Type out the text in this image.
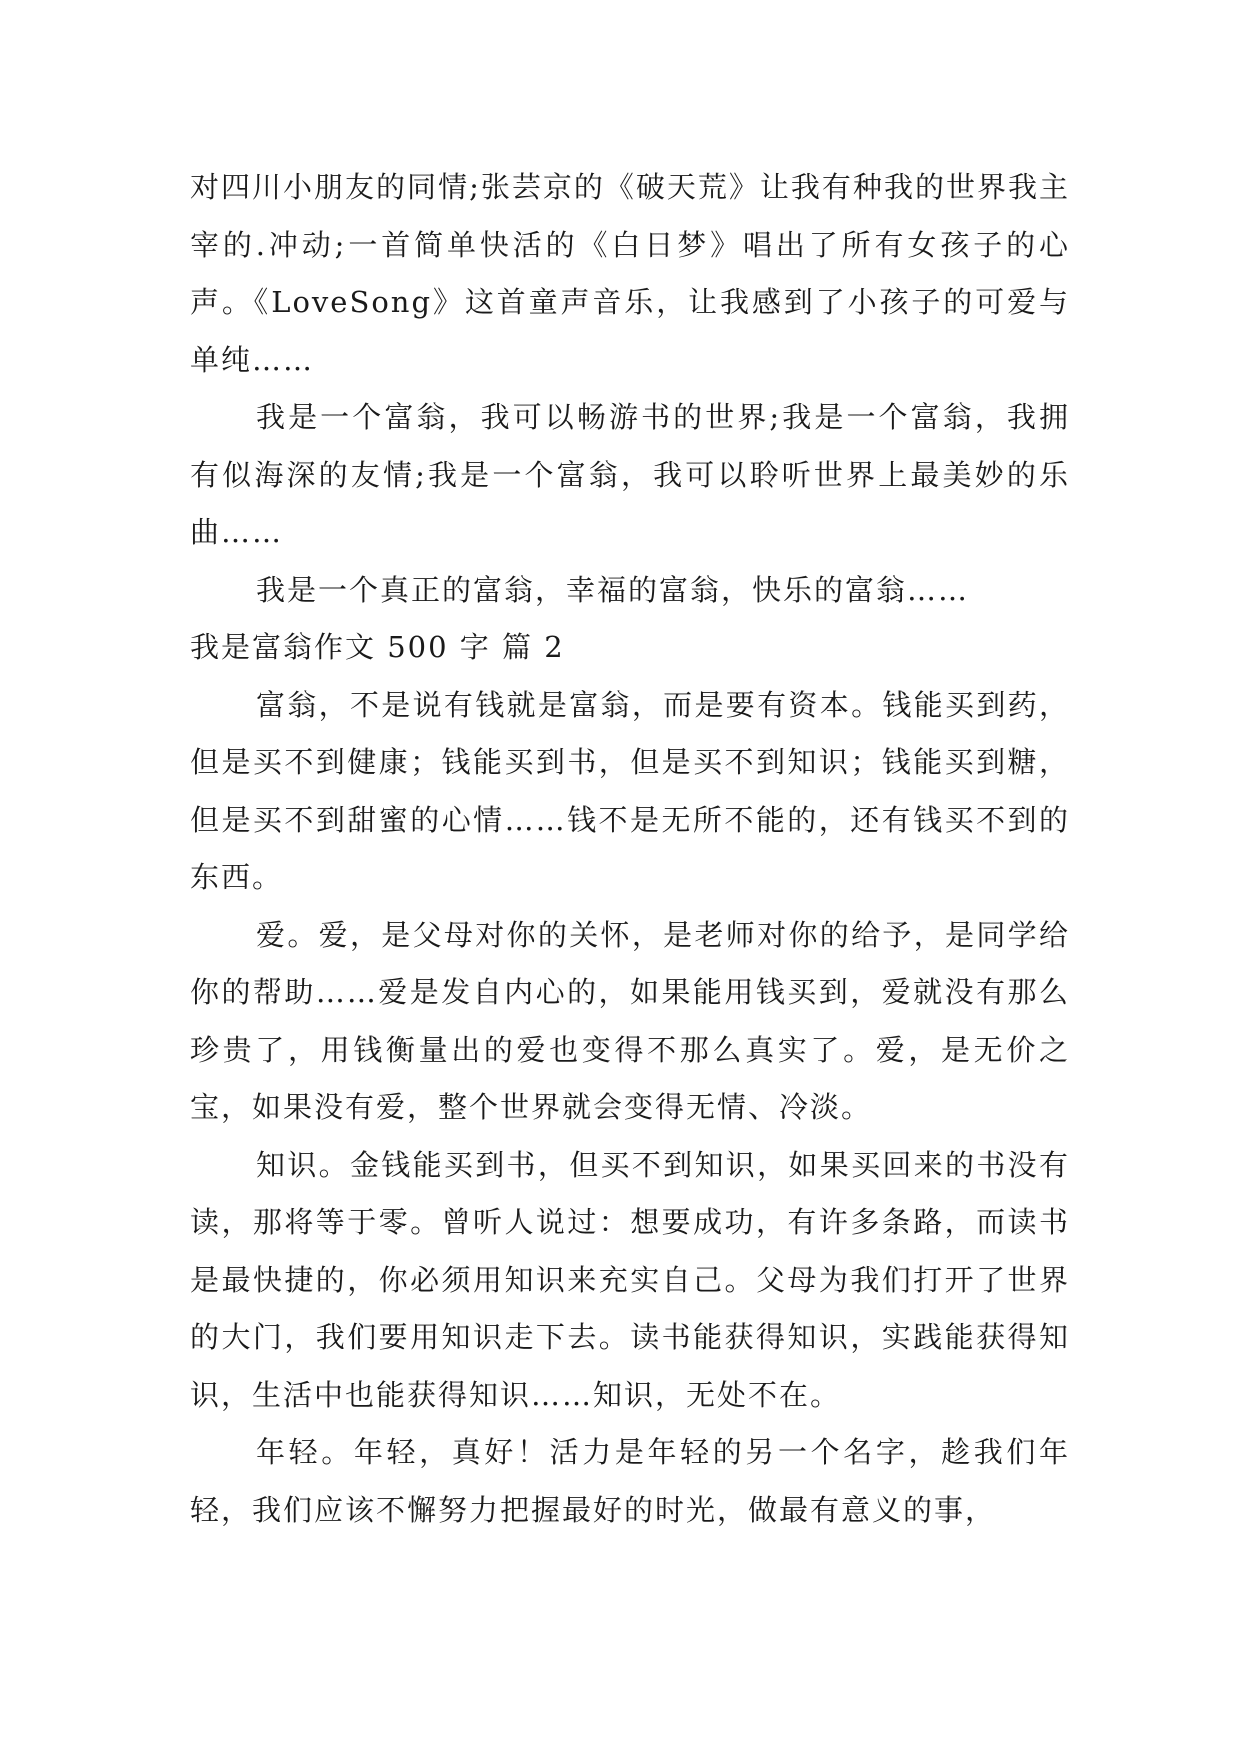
对四川小朋友的同情;张芸京的《破天荒》让我有种我的世界我主宰的.冲动;一首简单快活的《白日梦》唱出了所有女孩子的心声。《LoveSong》这首童声音乐，让我感到了小孩子的可爱与单纯……

我是一个富翁，我可以畅游书的世界;我是一个富翁，我拥有似海深的友情;我是一个富翁，我可以聆听世界上最美妙的乐曲……

我是一个真正的富翁，幸福的富翁，快乐的富翁……

我是富翁作文 500 字 篇 2

富翁，不是说有钱就是富翁，而是要有资本。钱能买到药，但是买不到健康；钱能买到书，但是买不到知识；钱能买到糖，但是买不到甜蜜的心情……钱不是无所不能的，还有钱买不到的东西。

爱。爱，是父母对你的关怀，是老师对你的给予，是同学给你的帮助……爱是发自内心的，如果能用钱买到，爱就没有那么珍贵了，用钱衡量出的爱也变得不那么真实了。爱，是无价之宝，如果没有爱，整个世界就会变得无情、冷淡。

知识。金钱能买到书，但买不到知识，如果买回来的书没有读，那将等于零。曾听人说过：想要成功，有许多条路，而读书是最快捷的，你必须用知识来充实自己。父母为我们打开了世界的大门，我们要用知识走下去。读书能获得知识，实践能获得知识，生活中也能获得知识……知识，无处不在。

年轻。年轻，真好！活力是年轻的另一个名字，趁我们年轻，我们应该不懈努力把握最好的时光，做最有意义的事，
